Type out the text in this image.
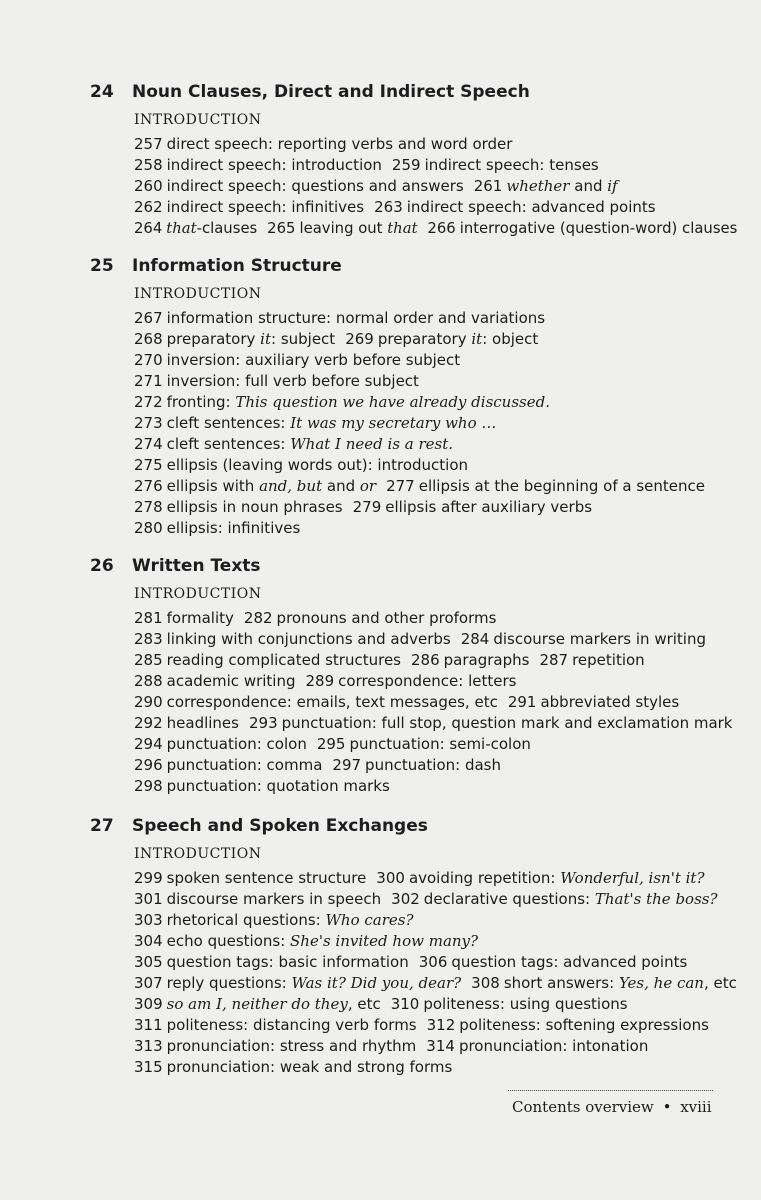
24	Noun Clauses, Direct and Indirect Speech
INTRODUCTION
257 direct speech: reporting verbs and word order
258 indirect speech: introduction 259 indirect speech: tenses
260 indirect speech: questions and answers 261 whether and if
262 indirect speech: infinitives 263 indirect speech: advanced points
264 that-clauses 265 leaving out that 266 interrogative (question-word) clauses
25	Information Structure
INTRODUCTION
267 information structure: normal order and variations
268 preparatory it: subject 269 preparatory it: object
270 inversion: auxiliary verb before subject
271 inversion: full verb before subject
272 fronting: This question we have already discussed.
273 cleft sentences: It was my secretary who …
274 cleft sentences: What I need is a rest.
275 ellipsis (leaving words out): introduction
276 ellipsis with and, but and or 277 ellipsis at the beginning of a sentence
278 ellipsis in noun phrases 279 ellipsis after auxiliary verbs
280 ellipsis: infinitives
26	Written Texts
INTRODUCTION
281 formality 282 pronouns and other proforms
283 linking with conjunctions and adverbs 284 discourse markers in writing
285 reading complicated structures 286 paragraphs 287 repetition
288 academic writing 289 correspondence: letters
290 correspondence: emails, text messages, etc 291 abbreviated styles
292 headlines 293 punctuation: full stop, question mark and exclamation mark
294 punctuation: colon 295 punctuation: semi-colon
296 punctuation: comma 297 punctuation: dash
298 punctuation: quotation marks
27	Speech and Spoken Exchanges
INTRODUCTION
299 spoken sentence structure 300 avoiding repetition: Wonderful, isn't it?
301 discourse markers in speech 302 declarative questions: That's the boss?
303 rhetorical questions: Who cares?
304 echo questions: She's invited how many?
305 question tags: basic information 306 question tags: advanced points
307 reply questions: Was it? Did you, dear? 308 short answers: Yes, he can, etc
309 so am I, neither do they, etc 310 politeness: using questions
311 politeness: distancing verb forms 312 politeness: softening expressions
313 pronunciation: stress and rhythm 314 pronunciation: intonation
315 pronunciation: weak and strong forms
Contents overview • xviii
